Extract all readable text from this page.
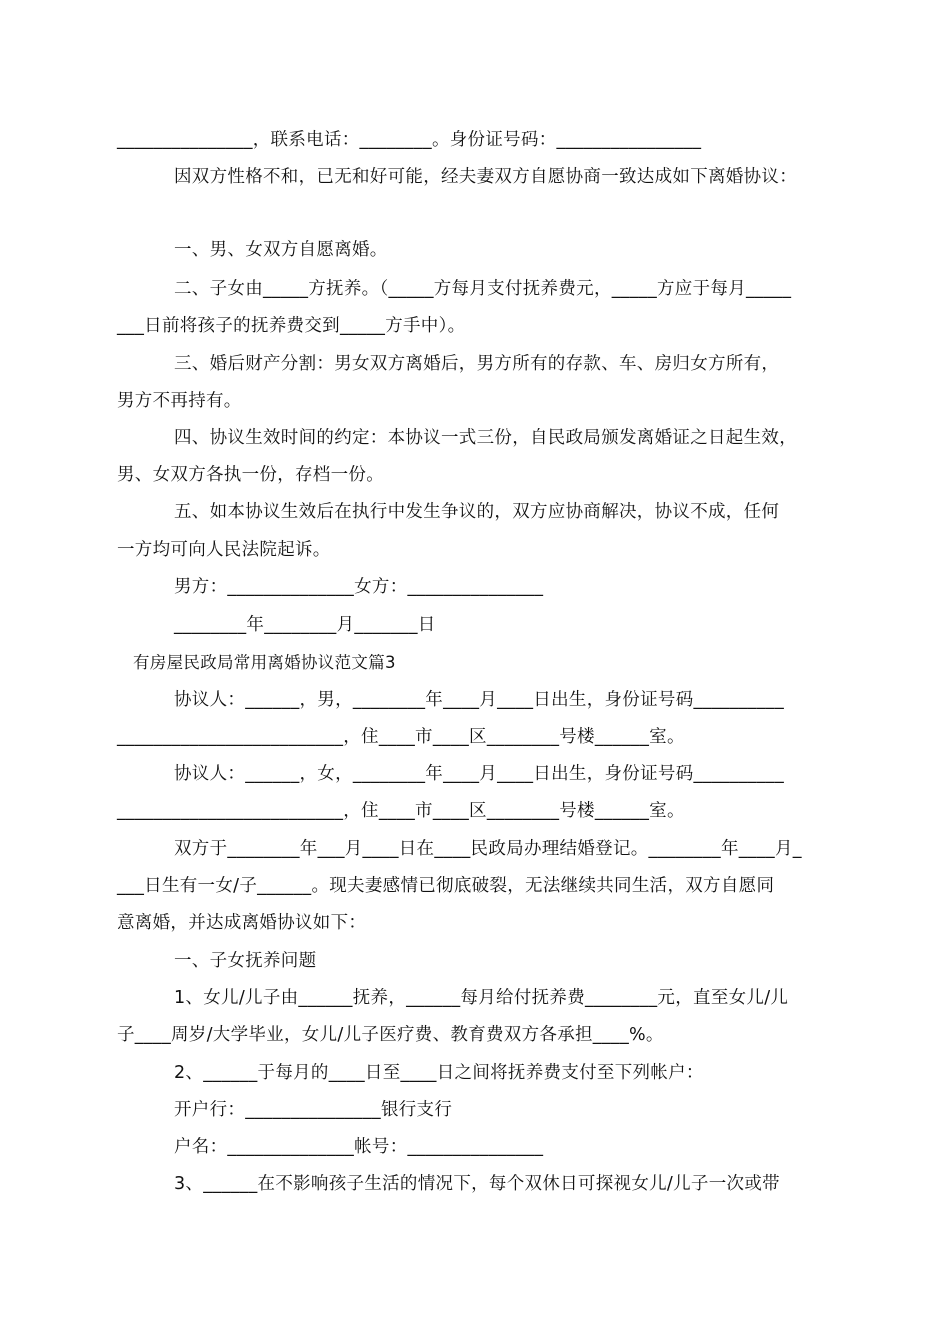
_______________，联系电话：________。身份证号码：________________
因双方性格不和，已无和好可能，经夫妻双方自愿协商一致达成如下离婚协议：
一、男、女双方自愿离婚。
二、子女由_____方抚养。（_____方每月支付抚养费元，_____方应于每月_____
___日前将孩子的抚养费交到_____方手中）。
三、婚后财产分割：男女双方离婚后，男方所有的存款、车、房归女方所有，
男方不再持有。
四、协议生效时间的约定：本协议一式三份，自民政局颁发离婚证之日起生效，
男、女双方各执一份，存档一份。
五、如本协议生效后在执行中发生争议的，双方应协商解决，协议不成，任何
一方均可向人民法院起诉。
男方：______________女方：_______________
________年________月_______日
有房屋民政局常用离婚协议范文篇3
协议人：______，男，________年____月____日出生，身份证号码__________
_________________________，住____市____区________号楼______室。
协议人：______，女，________年____月____日出生，身份证号码__________
_________________________，住____市____区________号楼______室。
双方于________年___月____日在____民政局办理结婚登记。________年____月_
___日生有一女/子______。现夫妻感情已彻底破裂，无法继续共同生活，双方自愿同
意离婚，并达成离婚协议如下：
一、子女抚养问题
1、女儿/儿子由______抚养，______每月给付抚养费________元，直至女儿/儿
子____周岁/大学毕业，女儿/儿子医疗费、教育费双方各承担____%。
2、______于每月的____日至____日之间将抚养费支付至下列帐户：
开户行：_______________银行支行
户名：______________帐号：_______________
3、______在不影响孩子生活的情况下，每个双休日可探视女儿/儿子一次或带
